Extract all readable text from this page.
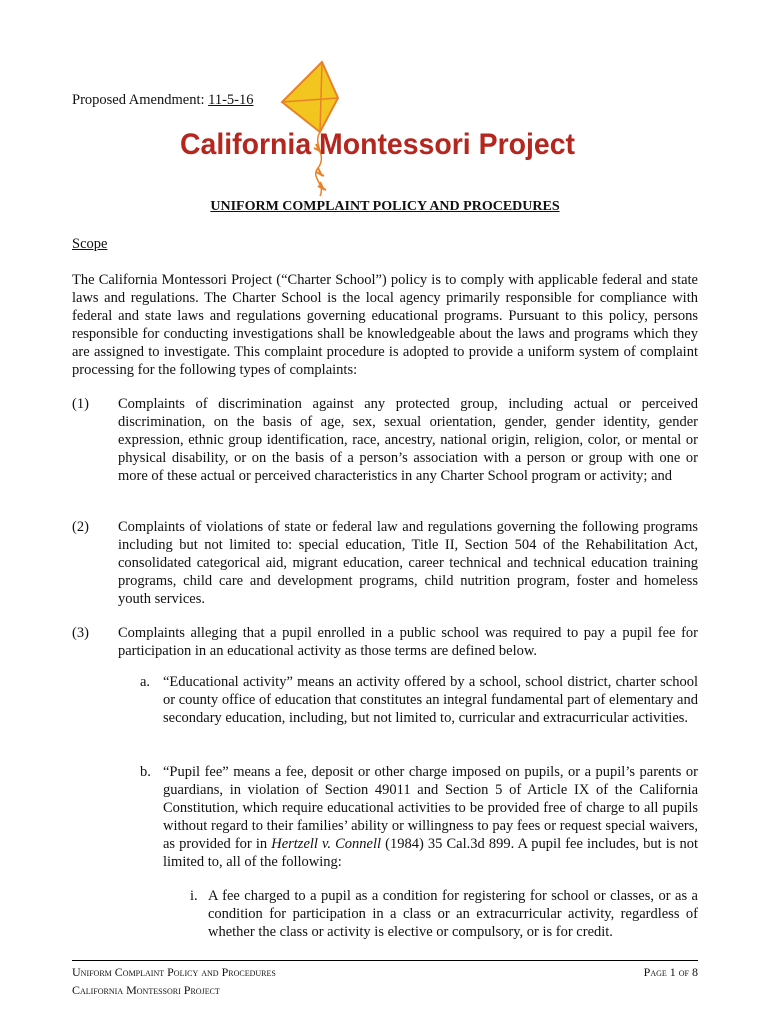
Proposed Amendment: 11-5-16
California Montessori Project
UNIFORM COMPLAINT POLICY AND PROCEDURES
Scope

The California Montessori Project (“Charter School”) policy is to comply with applicable federal and state laws and regulations. The Charter School is the local agency primarily responsible for compliance with federal and state laws and regulations governing educational programs. Pursuant to this policy, persons responsible for conducting investigations shall be knowledgeable about the laws and programs which they are assigned to investigate. This complaint procedure is adopted to provide a uniform system of complaint processing for the following types of complaints:

(1) Complaints of discrimination against any protected group, including actual or perceived discrimination, on the basis of age, sex, sexual orientation, gender, gender identity, gender expression, ethnic group identification, race, ancestry, national origin, religion, color, or mental or physical disability, or on the basis of a person’s association with a person or group with one or more of these actual or perceived characteristics in any Charter School program or activity; and

(2) Complaints of violations of state or federal law and regulations governing the following programs including but not limited to: special education, Title II, Section 504 of the Rehabilitation Act, consolidated categorical aid, migrant education, career technical and technical education training programs, child care and development programs, child nutrition program, foster and homeless youth services.

(3) Complaints alleging that a pupil enrolled in a public school was required to pay a pupil fee for participation in an educational activity as those terms are defined below.

a. “Educational activity” means an activity offered by a school, school district, charter school or county office of education that constitutes an integral fundamental part of elementary and secondary education, including, but not limited to, curricular and extracurricular activities.

b. “Pupil fee” means a fee, deposit or other charge imposed on pupils, or a pupil’s parents or guardians, in violation of Section 49011 and Section 5 of Article IX of the California Constitution, which require educational activities to be provided free of charge to all pupils without regard to their families’ ability or willingness to pay fees or request special waivers, as provided for in Hertzell v. Connell (1984) 35 Cal.3d 899. A pupil fee includes, but is not limited to, all of the following:

i. A fee charged to a pupil as a condition for registering for school or classes, or as a condition for participation in a class or an extracurricular activity, regardless of whether the class or activity is elective or compulsory, or is for credit.

Uniform Complaint Policy and Procedures
California Montessori Project
Page 1 of 8
